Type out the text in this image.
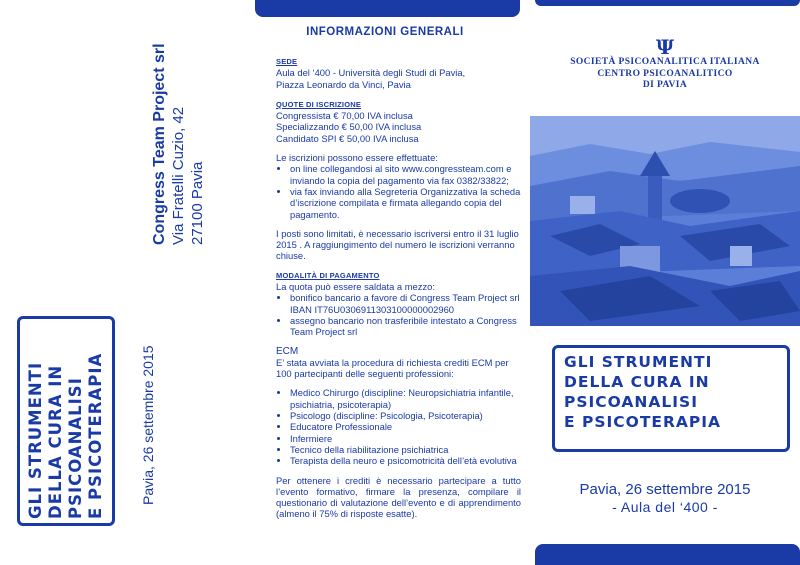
Congress Team Project srl Via Fratelli Cuzio, 42 27100 Pavia
GLI STRUMENTI DELLA CURA IN PSICOANALISI E PSICOTERAPIA	Pavia, 26 settembre 2015
INFORMAZIONI GENERALI

SEDE
Aula del ‘400 - Università degli Studi di Pavia,
Piazza Leonardo da Vinci, Pavia

QUOTE DI ISCRIZIONE
Congressista € 70,00 IVA inclusa
Specializzando € 50,00 IVA inclusa
Candidato SPI € 50,00 IVA inclusa

Le iscrizioni possono essere effettuate:
• on line collegandosi al sito www.congressteam.com e inviando la copia del pagamento via fax 0382/33822;
• via fax inviando alla Segreteria Organizzativa la scheda d’iscrizione compilata e firmata allegando copia del pagamento.

I posti sono limitati, è necessario iscriversi entro il 31 luglio 2015 . A raggiungimento del numero le iscrizioni verranno chiuse.

MODALITÀ DI PAGAMENTO
La quota può essere saldata a mezzo:
• bonifico bancario a favore di Congress Team Project srl IBAN IT76U0306911303100000002960
• assegno bancario non trasferibile intestato a Congress Team Project srl
ECM

E’ stata avviata la procedura di richiesta crediti ECM per 100 partecipanti delle seguenti professioni:

• Medico Chirurgo (discipline: Neuropsichiatria infantile, psichiatria, psicoterapia)
• Psicologo (discipline: Psicologia, Psicoterapia)
• Educatore Professionale
• Infermiere
• Tecnico della riabilitazione psichiatrica
• Terapista della neuro e psicomotricità dell’età evolutiva

Per ottenere i crediti è necessario partecipare a tutto l’evento formativo, firmare la presenza, compilare il questionario di valutazione dell’evento e di apprendimento (almeno il 75% di risposte esatte).

Ψ
SOCIETÀ PSICOANALITICA ITALIANA
CENTRO PSICOANALITICO
DI PAVIA
GLI STRUMENTI
DELLA CURA IN
PSICOANALISI
E PSICOTERAPIA
Pavia, 26 settembre 2015
- Aula del ‘400 -
